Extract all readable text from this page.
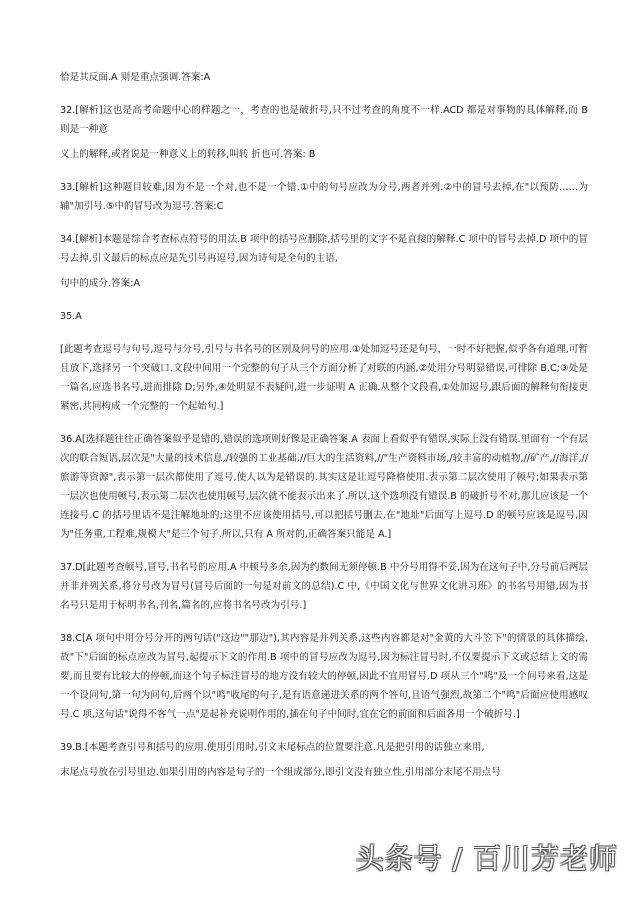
恰是其反面.A 则是重点强调.答案:A

32.[解析]这也是高考命题中心的样题之一，考查的也是破折号,只不过考查的角度不一样.ACD 都是对事物的具体解释,而 B 则是一种意

义上的解释,或者说是一种意义上的转移,叫转 折也可.答案: B

33.[解析]这种题目较难,因为不是一个对,也不是一个错.①中的句号应改为分号,两者并列.②中的冒号去掉,在"以预防……为辅"加引号.⑤中的冒号改为逗号.答案:C

34.[解析]本题是综合考查标点符号的用法.B 项中的括号应删除,括号里的文字不是直接的解释.C 项中的冒号去掉.D 项中的冒号去掉,引文最后的标点应是先引号再逗号,因为诗句是全句的主语,

句中的成分.答案:A

35.A

[此题考查逗号与句号,逗号与分号,引号与书名号的区别及问号的应用.①处加逗号还是句号，一时不好把握,似乎各有道理,可暂且放下,选择另一个突破口.文段中间用一个完整的句子从三个方面分析了对联的内涵,②处用分号明显错误,可排除 B,C;③处是一篇名,应选书名号,进而排除 D;另外,④处明显不表疑问,进一步证明 A 正确.从整个文段看,①处加逗号,跟后面的解释句衔接更紧密,共同构成一个完整的一个起始句.]

36.A[选择题往往正确答案似乎是错的,错误的选项则好像是正确答案.A 表面上看似乎有错误,实际上没有错误.里面有一个有层次的联合短语,层次是"大量的技术信息,/较强的工业基础,//巨大的生活资料,//"生产资料市场,/较丰富的动植物,//矿产,//海洋,//旅游等资源",表示第一层次都使用了逗号,使人以为是错误的.其实这是让逗号降格使用.表示第二层次使用了顿号;如果表示第一层次也使用顿号,表示第二层次也使用顿号,层次就不能表示出来了.所以,这个选项没有错误.B 的破折号不对,那儿应该是一个连接号.C 的括号里话不是注解地址的;这里不应该使用括号,可以把括号删去,在"地址"后面写上逗号.D 的顿号应该是逗号,因为"任务重,工程难,规模大"是三个句子.所以,只有 A 所对的,正确答案只能是 A.]

37.D[此题考查顿号,冒号,书名号的应用.A 中顿号多余,因为约数间无须停顿.B 中分号用得不妥,因为在这句子中,分号前后两层并非并列关系,将分号改为冒号(冒号后面的一句是对前文的总结).C 中,《中国文化与世界文化讲习班》的书名号用错,因为书名号只是用于标明书名,刊名,篇名的,应将书名号改为引号.]

38.C[A 项句中用分号分开的两句话("这边""那边"),其内容是并列关系,这些内容都是对"金黄的大斗笠下"的情景的具体描绘,故"下"后面的标点应改为冒号,起提示下文的作用.B 项中的冒号应改为逗号,因为标注冒号时,不仅要提示下文或总结上文的需要,而且要有比较大的停顿,而这个句子标注冒号的地方没有较大的停顿,因此不宜用冒号.D 项从三个"鸣"及一个问号来看,这是一个设问句,第一句为问句,后两个以"鸣"收尾的句子,是有语意递进关系的两个答句,且语气强烈,故第二个"鸣"后面应使用感叹号.C 项,这句话"说得不客气一点"是起补充说明作用的,插在句子中间时,宜在它的前面和后面各用一个破折号.]

39.B.[本题考查引号和括号的应用.使用引用时,引文末尾标点的位置要注意.凡是把引用的话独立来用,

末尾点号放在引号里边.如果引用的内容是句子的一个组成部分,即引文没有独立性,引用部分末尾不用点号

头条号 / 百川芳老师
